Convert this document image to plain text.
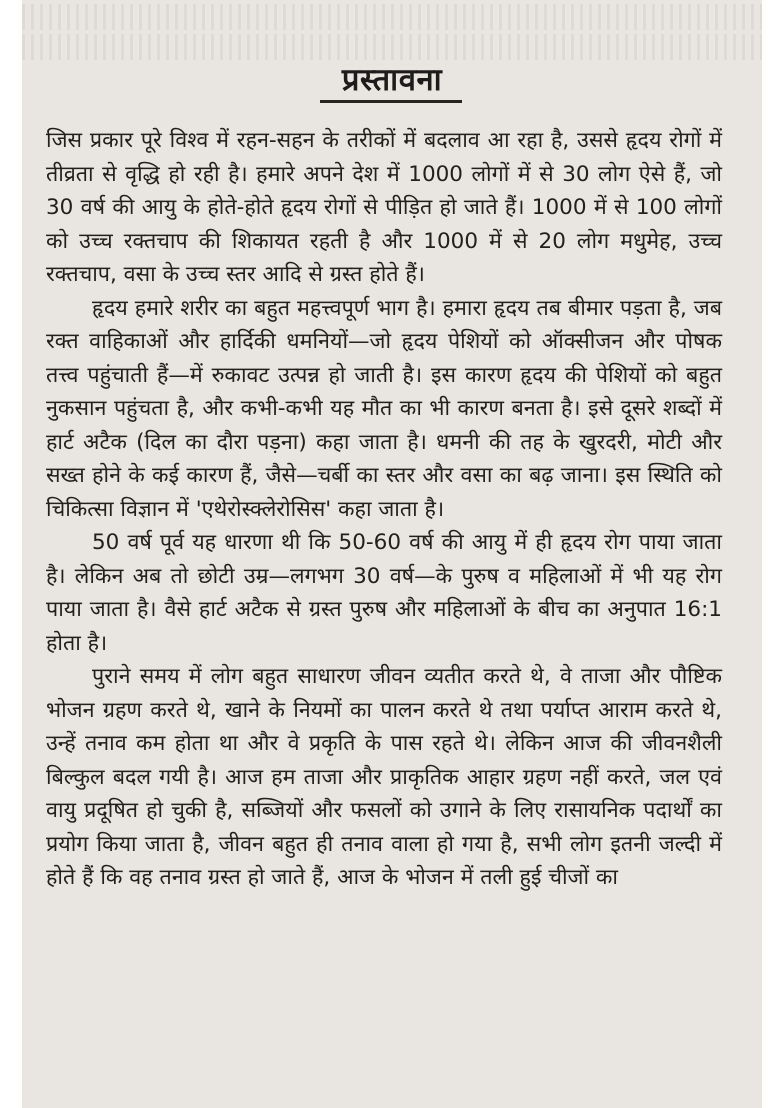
प्रस्तावना

जिस प्रकार पूरे विश्व में रहन-सहन के तरीकों में बदलाव आ रहा है, उससे हृदय रोगों में तीव्रता से वृद्धि हो रही है। हमारे अपने देश में 1000 लोगों में से 30 लोग ऐसे हैं, जो 30 वर्ष की आयु के होते-होते हृदय रोगों से पीड़ित हो जाते हैं। 1000 में से 100 लोगों को उच्च रक्तचाप की शिकायत रहती है और 1000 में से 20 लोग मधुमेह, उच्च रक्तचाप, वसा के उच्च स्तर आदि से ग्रस्त होते हैं।

हृदय हमारे शरीर का बहुत महत्त्वपूर्ण भाग है। हमारा हृदय तब बीमार पड़ता है, जब रक्त वाहिकाओं और हार्दिकी धमनियों—जो हृदय पेशियों को ऑक्सीजन और पोषक तत्त्व पहुंचाती हैं—में रुकावट उत्पन्न हो जाती है। इस कारण हृदय की पेशियों को बहुत नुकसान पहुंचता है, और कभी-कभी यह मौत का भी कारण बनता है। इसे दूसरे शब्दों में हार्ट अटैक (दिल का दौरा पड़ना) कहा जाता है। धमनी की तह के खुरदरी, मोटी और सख्त होने के कई कारण हैं, जैसे—चर्बी का स्तर और वसा का बढ़ जाना। इस स्थिति को चिकित्सा विज्ञान में 'एथेरोस्क्लेरोसिस' कहा जाता है।

50 वर्ष पूर्व यह धारणा थी कि 50-60 वर्ष की आयु में ही हृदय रोग पाया जाता है। लेकिन अब तो छोटी उम्र—लगभग 30 वर्ष—के पुरुष व महिलाओं में भी यह रोग पाया जाता है। वैसे हार्ट अटैक से ग्रस्त पुरुष और महिलाओं के बीच का अनुपात 16:1 होता है।

पुराने समय में लोग बहुत साधारण जीवन व्यतीत करते थे, वे ताजा और पौष्टिक भोजन ग्रहण करते थे, खाने के नियमों का पालन करते थे तथा पर्याप्त आराम करते थे, उन्हें तनाव कम होता था और वे प्रकृति के पास रहते थे। लेकिन आज की जीवनशैली बिल्कुल बदल गयी है। आज हम ताजा और प्राकृतिक आहार ग्रहण नहीं करते, जल एवं वायु प्रदूषित हो चुकी है, सब्जियों और फसलों को उगाने के लिए रासायनिक पदार्थों का प्रयोग किया जाता है, जीवन बहुत ही तनाव वाला हो गया है, सभी लोग इतनी जल्दी में होते हैं कि वह तनाव ग्रस्त हो जाते हैं, आज के भोजन में तली हुई चीजों का
